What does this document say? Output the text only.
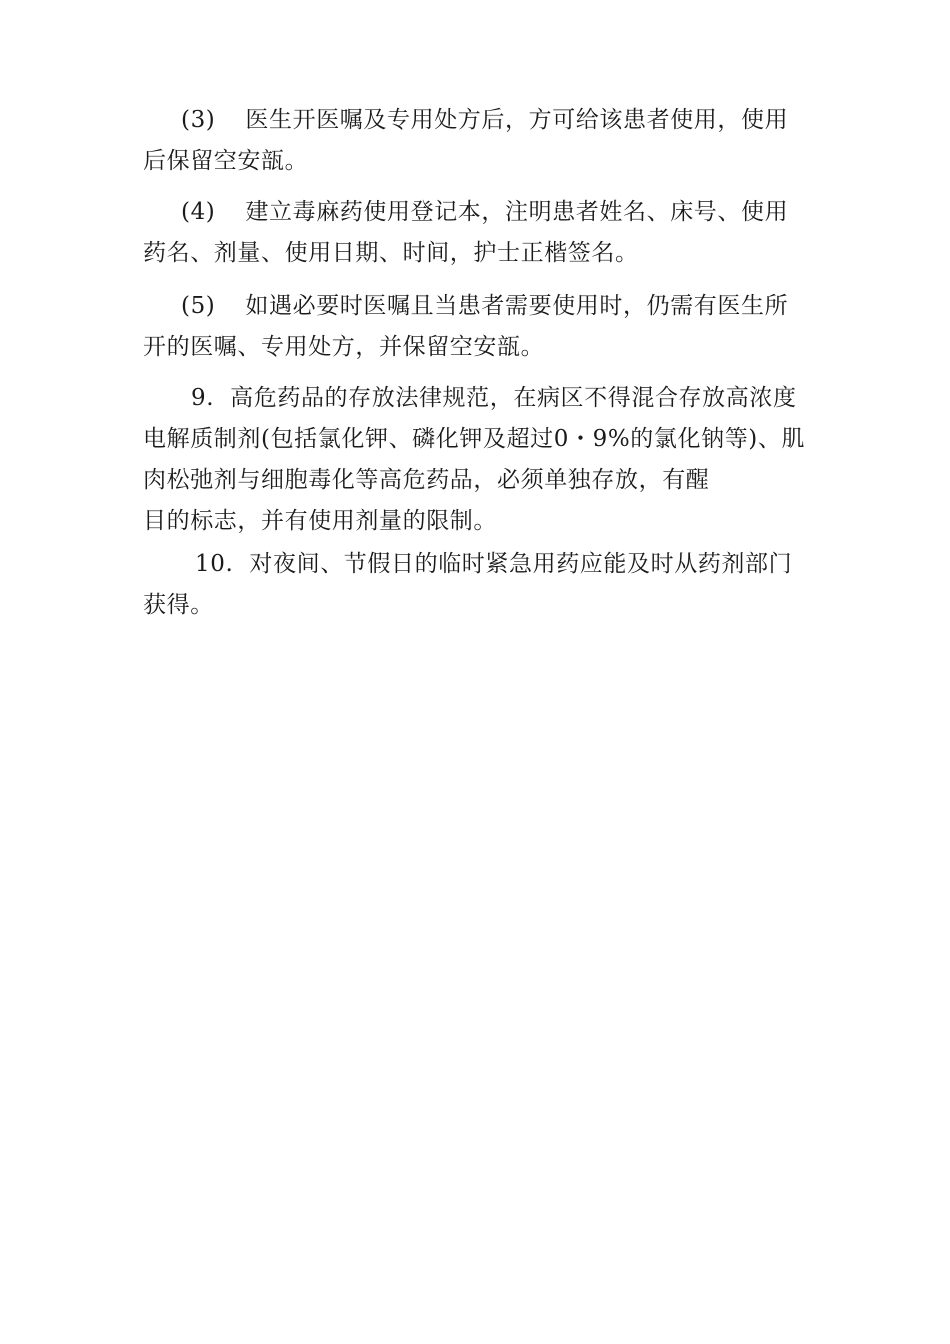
(3) 医生开医嘱及专用处方后，方可给该患者使用，使用
后保留空安瓿。
(4) 建立毒麻药使用登记本，注明患者姓名、床号、使用
药名、剂量、使用日期、时间，护士正楷签名。
(5) 如遇必要时医嘱且当患者需要使用时，仍需有医生所
开的医嘱、专用处方，并保留空安瓿。
9. 高危药品的存放法律规范，在病区不得混合存放高浓度
电解质制剂(包括氯化钾、磷化钾及超过0・9%的氯化钠等)、肌
肉松弛剂与细胞毒化等高危药品，必须单独存放，有醒
目的标志，并有使用剂量的限制。
10. 对夜间、节假日的临时紧急用药应能及时从药剂部门
获得。
